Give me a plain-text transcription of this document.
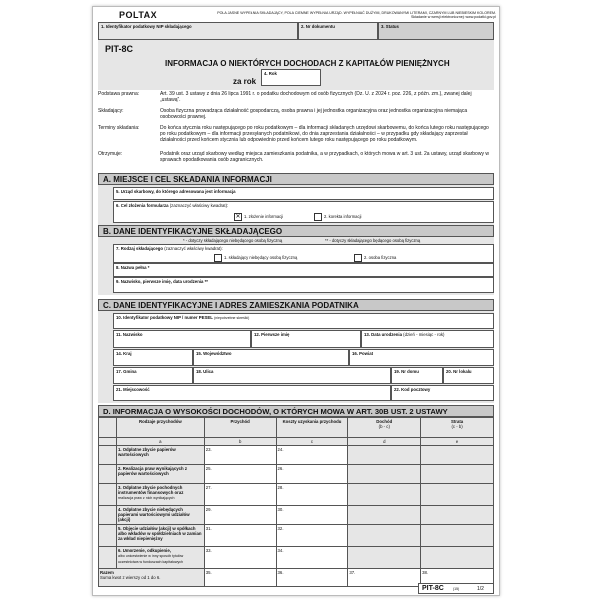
POLTAX	POLA JASNE WYPEŁNIA SKŁADAJĄCY, POLA CIEMNE WYPEŁNIA URZĄD. WYPEŁNIAĆ DUŻYMI, DRUKOWANYMI LITERAMI, CZARNYM LUB NIEBIESKIM KOLOREM.
Składanie w wersji elektronicznej: www.podatki.gov.pl
1. Identyfikator podatkowy NIP składającego	2. Nr dokumentu	3. Status
PIT-8C
INFORMACJA O NIEKTÓRYCH DOCHODACH Z KAPITAŁÓW PIENIĘŻNYCH
za rok
4. Rok
Podstawa prawna:	Art. 39 ust. 3 ustawy z dnia 26 lipca 1991 r. o podatku dochodowym od osób fizycznych (Dz. U. z 2024 r. poz. 226, z późn. zm.), zwanej dalej „ustawą”.
Składający:	Osoba fizyczna prowadząca działalność gospodarczą, osoba prawna i jej jednostka organizacyjna oraz jednostka organizacyjna niemająca osobowości prawnej.
Terminy składania:	Do końca stycznia roku następującego po roku podatkowym – dla informacji składanych urzędowi skarbowemu, do końca lutego roku następującego po roku podatkowym – dla informacji przesyłanych podatnikowi, do dnia zaprzestania działalności – w przypadku gdy składający zaprzestał działalności przed końcem stycznia lub odpowiednio przed końcem lutego roku następującego po roku podatkowym.
Otrzymuje:	Podatnik oraz urząd skarbowy według miejsca zamieszkania podatnika, a w przypadkach, o których mowa w art. 3 ust. 2a ustawy, urząd skarbowy w sprawach opodatkowania osób zagranicznych.
A. MIEJSCE I CEL SKŁADANIA INFORMACJI
5. Urząd skarbowy, do którego adresowana jest informacja
6. Cel złożenia formularza (zaznaczyć właściwy kwadrat):
✕1. złożenie informacji	2. korekta informacji
B. DANE IDENTYFIKACYJNE SKŁADAJĄCEGO
* - dotyczy składającego niebędącego osobą fizyczną	** - dotyczy składającego będącego osobą fizyczną
7. Rodzaj składającego (zaznaczyć właściwy kwadrat):
1. składający niebędący osobą fizyczną	2. osoba fizyczna
8. Nazwa pełna *
9. Nazwisko, pierwsze imię, data urodzenia **
C. DANE IDENTYFIKACYJNE I ADRES ZAMIESZKANIA PODATNIKA
10. Identyfikator podatkowy NIP / numer PESEL (niepotrzebne skreślić)
11. Nazwisko	12. Pierwsze imię	13. Data urodzenia (dzień - miesiąc - rok)
14. Kraj	15. Województwo	16. Powiat
17. Gmina	18. Ulica	19. Nr domu	20. Nr lokalu
21. Miejscowość	22. Kod pocztowy
D. INFORMACJA O WYSOKOŚCI DOCHODÓW, O KTÓRYCH MOWA W ART. 30B UST. 2 USTAWY
	Rodzaje przychodów	Przychód	Koszty uzyskania przychodu	Dochód
(b - c)	Strata
(c - b)
	a	b	c	d	e
	1. Odpłatne zbycie papierów wartościowych	23.	24.		
	2. Realizacja praw wynikających z papierów wartościowych	25.	26.		
	3. Odpłatne zbycie pochodnych instrumentów finansowych oraz
realizacja praw z nich wynikających	27.	28.		
	4. Odpłatne zbycie niebędących papierami wartościowymi udziałów (akcji)	29.	30.		
	5. Objęcie udziałów (akcji) w spółkach albo wkładów w spółdzielniach w zamian za wkład niepieniężny	31.	32.		
	6. Umorzenie, odkupienie,
albo unicestwienie w inny sposób tytułów uczestnictwa w funduszach kapitałowych	33.	34.		
Razem
Suma kwot z wierszy od 1 do 6.		35.	36.	37.	38.
PIT-8C	(15)	1/2
